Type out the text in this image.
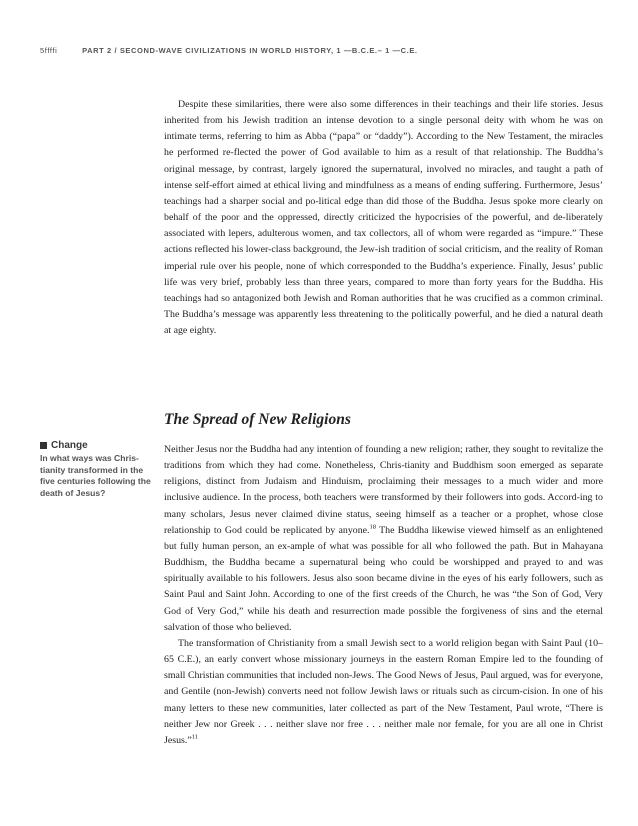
5ffffi	PART 2 / SECOND-WAVE CIVILIZATIONS IN WORLD HISTORY, 1 —B.C.E.– 1 —C.E.

Despite these similarities, there were also some differences in their teachings and their life stories. Jesus inherited from his Jewish tradition an intense devotion to a single personal deity with whom he was on intimate terms, referring to him as Abba (“papa” or “daddy”). According to the New Testament, the miracles he performed re-flected the power of God available to him as a result of that relationship. The Buddha’s original message, by contrast, largely ignored the supernatural, involved no miracles, and taught a path of intense self-effort aimed at ethical living and mindfulness as a means of ending suffering. Furthermore, Jesus’ teachings had a sharper social and po-litical edge than did those of the Buddha. Jesus spoke more clearly on behalf of the poor and the oppressed, directly criticized the hypocrisies of the powerful, and de-liberately associated with lepers, adulterous women, and tax collectors, all of whom were regarded as “impure.” These actions reflected his lower-class background, the Jew-ish tradition of social criticism, and the reality of Roman imperial rule over his people, none of which corresponded to the Buddha’s experience. Finally, Jesus’ public life was very brief, probably less than three years, compared to more than forty years for the Buddha. His teachings had so antagonized both Jewish and Roman authorities that he was crucified as a common criminal. The Buddha’s message was apparently less threatening to the politically powerful, and he died a natural death at age eighty.

The Spread of New Religions
Change
In what ways was Chris- tianity transformed in the five centuries following the death of Jesus?

Neither Jesus nor the Buddha had any intention of founding a new religion; rather, they sought to revitalize the traditions from which they had come. Nonetheless, Chris-tianity and Buddhism soon emerged as separate religions, distinct from Judaism and Hinduism, proclaiming their messages to a much wider and more inclusive audience. In the process, both teachers were transformed by their followers into gods. Accord-ing to many scholars, Jesus never claimed divine status, seeing himself as a teacher or a prophet, whose close relationship to God could be replicated by anyone.$^{18}$ The Buddha likewise viewed himself as an enlightened but fully human person, an ex-ample of what was possible for all who followed the path. But in Mahayana Buddhism, the Buddha became a supernatural being who could be worshipped and prayed to and was spiritually available to his followers. Jesus also soon became divine in the eyes of his early followers, such as Saint Paul and Saint John. According to one of the first creeds of the Church, he was “the Son of God, Very God of Very God,” while his death and resurrection made possible the forgiveness of sins and the eternal salvation of those who believed.

The transformation of Christianity from a small Jewish sect to a world religion began with Saint Paul (10–65 C.E.), an early convert whose missionary journeys in the eastern Roman Empire led to the founding of small Christian communities that included non-Jews. The Good News of Jesus, Paul argued, was for everyone, and Gentile (non-Jewish) converts need not follow Jewish laws or rituals such as circum-cision. In one of his many letters to these new communities, later collected as part of the New Testament, Paul wrote, “There is neither Jew nor Greek . . . neither slave nor free . . . neither male nor female, for you are all one in Christ Jesus.”$^{11}$
